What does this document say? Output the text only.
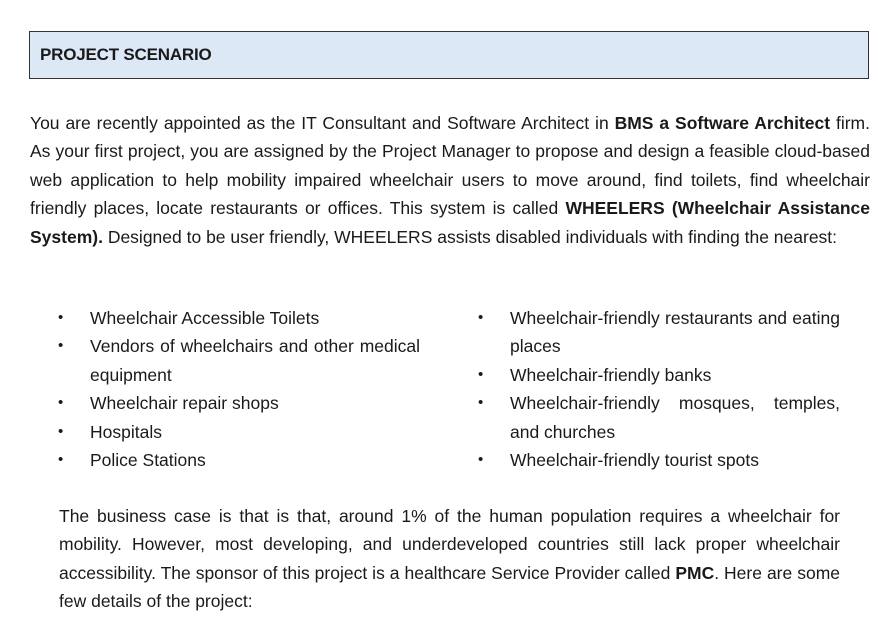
PROJECT SCENARIO

You are recently appointed as the IT Consultant and Software Architect in BMS a Software Architect firm. As your first project, you are assigned by the Project Manager to propose and design a feasible cloud-based web application to help mobility impaired wheelchair users to move around, find toilets, find wheelchair friendly places, locate restaurants or offices. This system is called WHEELERS (Wheelchair Assistance System). Designed to be user friendly, WHEELERS assists disabled individuals with finding the nearest:

• Wheelchair Accessible Toilets
• Vendors of wheelchairs and other medical equipment
• Wheelchair repair shops
• Hospitals
• Police Stations
• Wheelchair-friendly restaurants and eating places
• Wheelchair-friendly banks
• Wheelchair-friendly mosques, temples, and churches
• Wheelchair-friendly tourist spots

The business case is that is that, around 1% of the human population requires a wheelchair for mobility. However, most developing, and underdeveloped countries still lack proper wheelchair accessibility. The sponsor of this project is a healthcare Service Provider called PMC. Here are some few details of the project:
